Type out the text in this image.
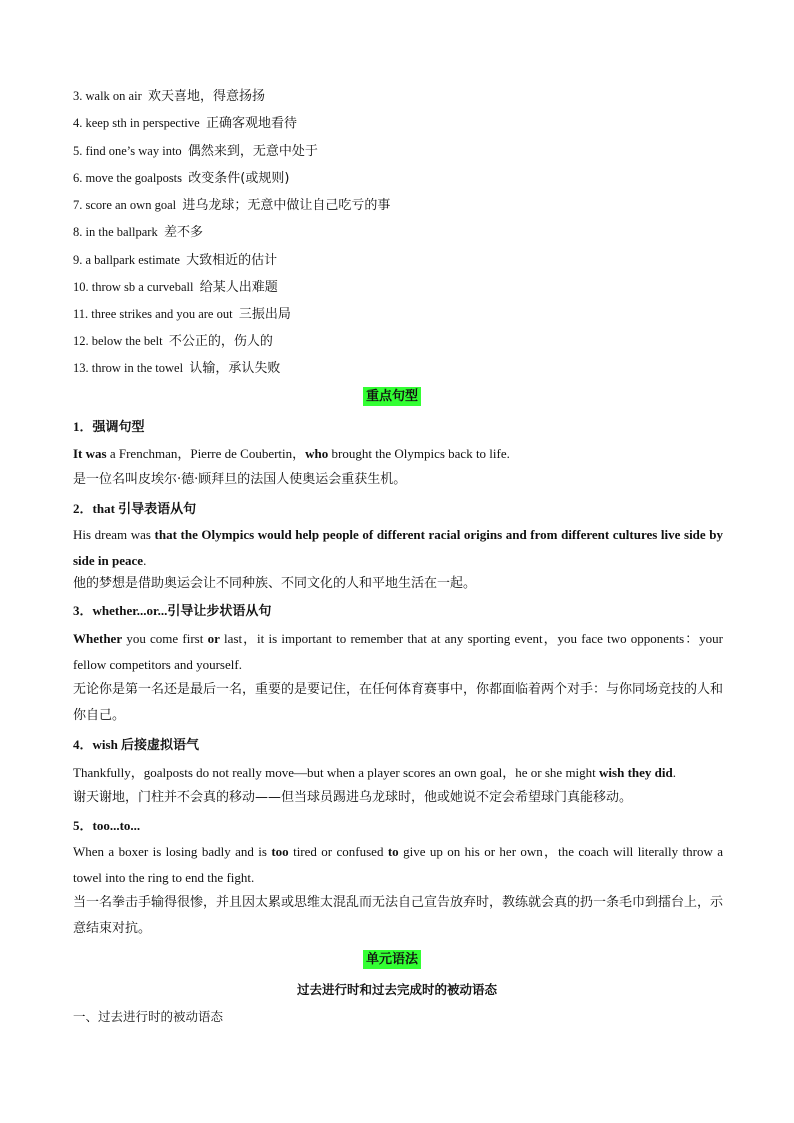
3. walk on air 欢天喜地，得意扬扬
4. keep sth in perspective 正确客观地看待
5. find one’s way into 偶然来到，无意中处于
6. move the goalposts 改变条件(或规则)
7. score an own goal 进乌龙球；无意中做让自己吃亏的事
8. in the ballpark 差不多
9. a ballpark estimate 大致相近的估计
10. throw sb a curveball 给某人出难题
11. three strikes and you are out 三振出局
12. below the belt 不公正的，伤人的
13. throw in the towel 认输，承认失败
重点句型
1．强调句型
It was a Frenchman，Pierre de Coubertin，who brought the Olympics back to life.
是一位名叫皮埃尔·德·顾拜旦的法国人使奥运会重获生机。
2．that 引导表语从句
His dream was that the Olympics would help people of different racial origins and from different cultures live side by side in peace.
他的梦想是借助奥运会让不同种族、不同文化的人和平地生活在一起。
3．whether...or...引导让步状语从句
Whether you come first or last，it is important to remember that at any sporting event，you face two opponents：your fellow competitors and yourself.
无论你是第一名还是最后一名，重要的是要记住，在任何体育赛事中，你都面临着两个对手：与你同场竞技的人和你自己。
4．wish 后接虚拟语气
Thankfully，goalposts do not really move—but when a player scores an own goal，he or she might wish they did.
谢天谢地，门柱并不会真的移动——但当球员踢进乌龙球时，他或她说不定会希望球门真能移动。
5．too...to...
When a boxer is losing badly and is too tired or confused to give up on his or her own，the coach will literally throw a towel into the ring to end the fight.
当一名拳击手输得很惨，并且因太累或思维太混乱而无法自己宣告放弃时，教练就会真的扔一条毛巾到擂台上，示意结束对抗。
单元语法
过去进行时和过去完成时的被动语态
一、过去进行时的被动语态
